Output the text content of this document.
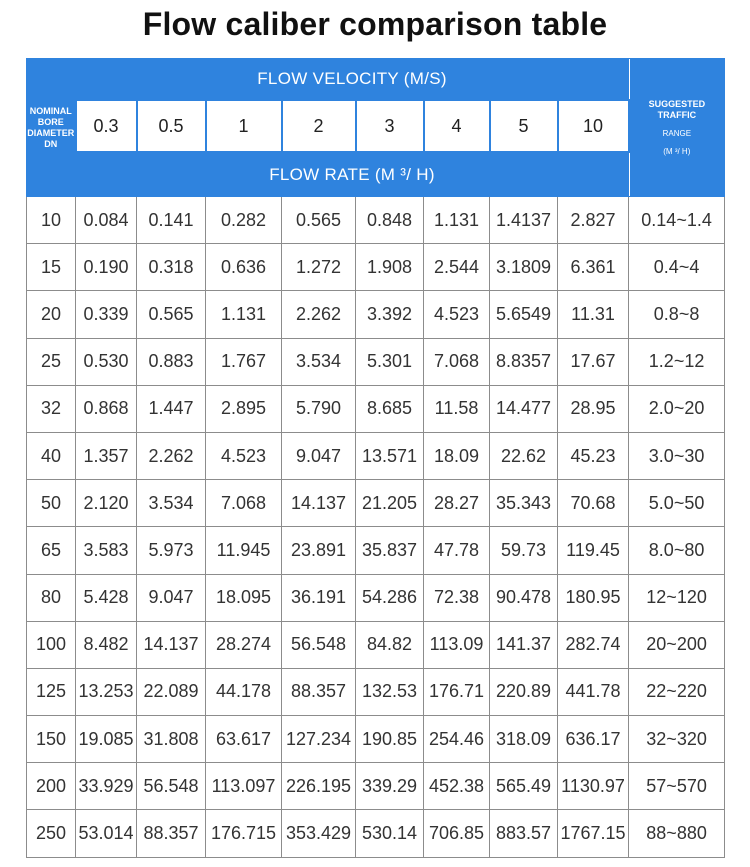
Flow caliber comparison table
NOMINAL
BORE
DIAMETER
DN	FLOW VELOCITY (M/S)								SUGGESTED
TRAFFIC

RANGE
(M ³/ H)

	0.3	0.5	1	2	3	4	5	10	
	FLOW RATE (M ³/ H)								
10	0.084	0.141	0.282	0.565	0.848	1.131	1.4137	2.827	0.14~1.4
15	0.190	0.318	0.636	1.272	1.908	2.544	3.1809	6.361	0.4~4
20	0.339	0.565	1.131	2.262	3.392	4.523	5.6549	11.31	0.8~8
25	0.530	0.883	1.767	3.534	5.301	7.068	8.8357	17.67	1.2~12
32	0.868	1.447	2.895	5.790	8.685	11.58	14.477	28.95	2.0~20
40	1.357	2.262	4.523	9.047	13.571	18.09	22.62	45.23	3.0~30
50	2.120	3.534	7.068	14.137	21.205	28.27	35.343	70.68	5.0~50
65	3.583	5.973	11.945	23.891	35.837	47.78	59.73	119.45	8.0~80
80	5.428	9.047	18.095	36.191	54.286	72.38	90.478	180.95	12~120
100	8.482	14.137	28.274	56.548	84.82	113.09	141.37	282.74	20~200
125	13.253	22.089	44.178	88.357	132.53	176.71	220.89	441.78	22~220
150	19.085	31.808	63.617	127.234	190.85	254.46	318.09	636.17	32~320
200	33.929	56.548	113.097	226.195	339.29	452.38	565.49	1130.97	57~570
250	53.014	88.357	176.715	353.429	530.14	706.85	883.57	1767.15	88~880
